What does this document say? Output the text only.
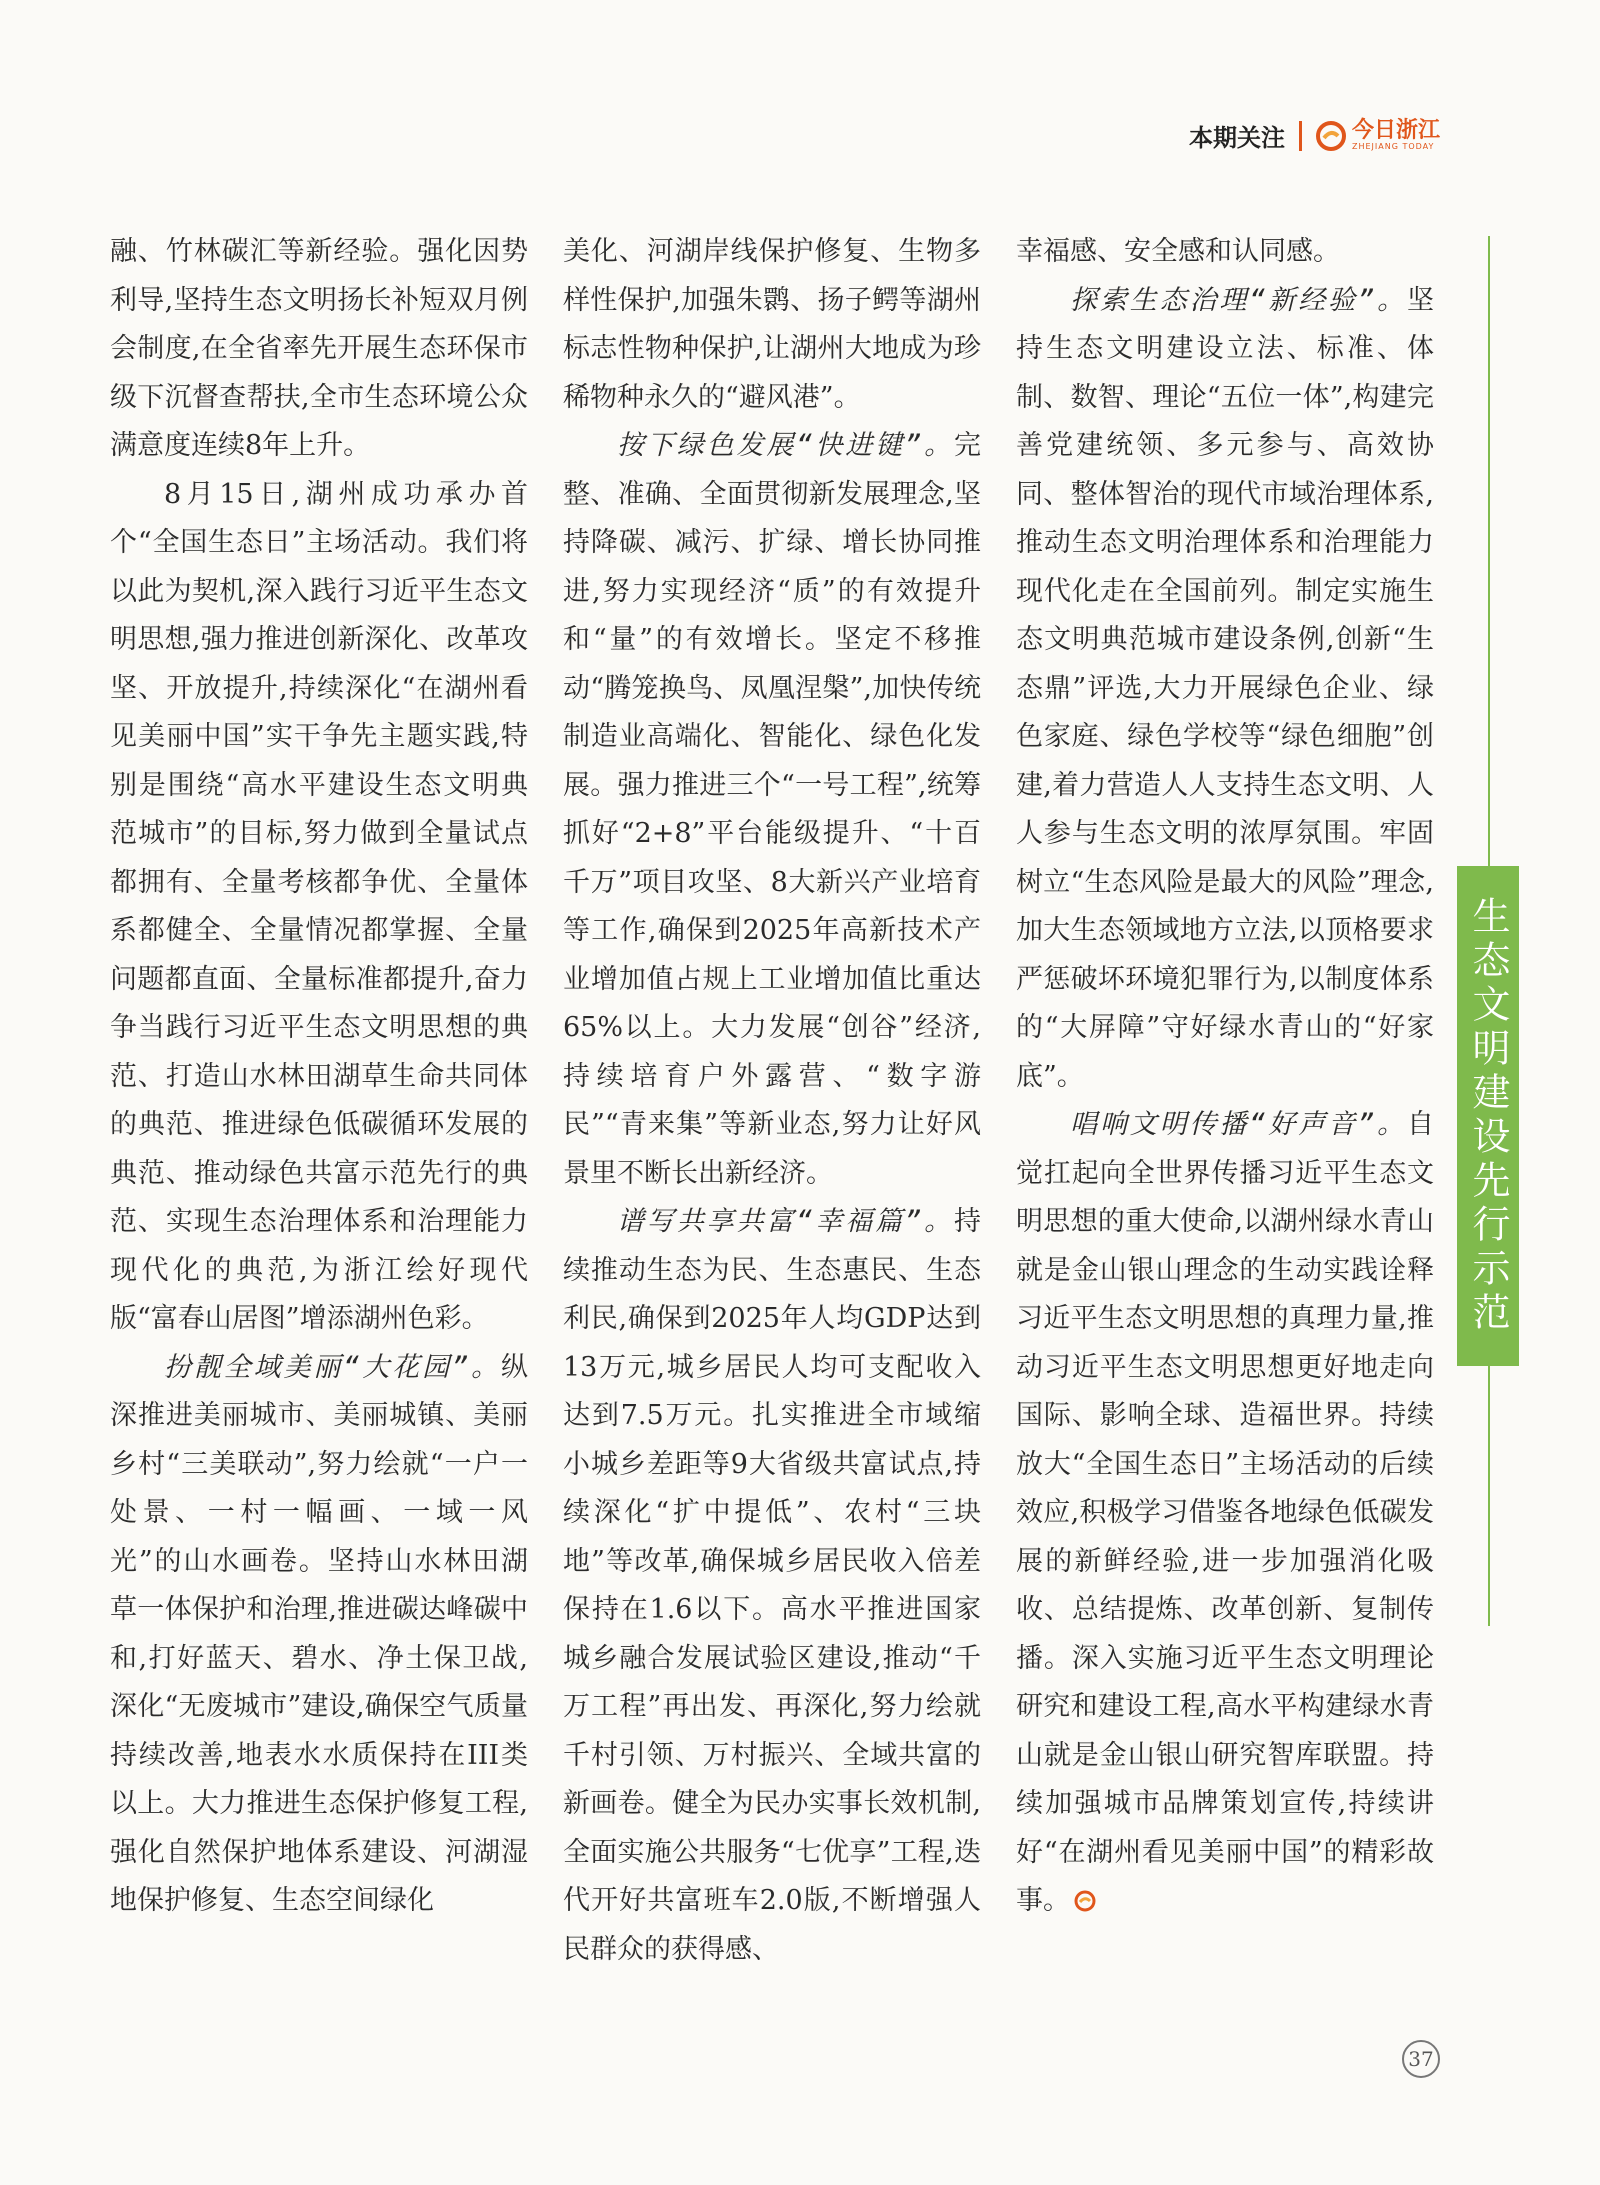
本期关注	今日浙江
ZHEJIANG TODAY

融、竹林碳汇等新经验。强化因势利导,坚持生态文明扬长补短双月例会制度,在全省率先开展生态环保市级下沉督查帮扶,全市生态环境公众满意度连续8年上升。

8月15日,湖州成功承办首个“全国生态日”主场活动。我们将以此为契机,深入践行习近平生态文明思想,强力推进创新深化、改革攻坚、开放提升,持续深化“在湖州看见美丽中国”实干争先主题实践,特别是围绕“高水平建设生态文明典范城市”的目标,努力做到全量试点都拥有、全量考核都争优、全量体系都健全、全量情况都掌握、全量问题都直面、全量标准都提升,奋力争当践行习近平生态文明思想的典范、打造山水林田湖草生命共同体的典范、推进绿色低碳循环发展的典范、推动绿色共富示范先行的典范、实现生态治理体系和治理能力现代化的典范,为浙江绘好现代版“富春山居图”增添湖州色彩。

扮靓全域美丽“大花园”。纵深推进美丽城市、美丽城镇、美丽乡村“三美联动”,努力绘就“一户一处景、一村一幅画、一域一风光”的山水画卷。坚持山水林田湖草一体保护和治理,推进碳达峰碳中和,打好蓝天、碧水、净土保卫战,深化“无废城市”建设,确保空气质量持续改善,地表水水质保持在III类以上。大力推进生态保护修复工程,强化自然保护地体系建设、河湖湿地保护修复、生态空间绿化

美化、河湖岸线保护修复、生物多样性保护,加强朱鹮、扬子鳄等湖州标志性物种保护,让湖州大地成为珍稀物种永久的“避风港”。

按下绿色发展“快进键”。完整、准确、全面贯彻新发展理念,坚持降碳、减污、扩绿、增长协同推进,努力实现经济“质”的有效提升和“量”的有效增长。坚定不移推动“腾笼换鸟、凤凰涅槃”,加快传统制造业高端化、智能化、绿色化发展。强力推进三个“一号工程”,统筹抓好“2+8”平台能级提升、“十百千万”项目攻坚、8大新兴产业培育等工作,确保到2025年高新技术产业增加值占规上工业增加值比重达65%以上。大力发展“创谷”经济,持续培育户外露营、“数字游民”“青来集”等新业态,努力让好风景里不断长出新经济。

谱写共享共富“幸福篇”。持续推动生态为民、生态惠民、生态利民,确保到2025年人均GDP达到13万元,城乡居民人均可支配收入达到7.5万元。扎实推进全市域缩小城乡差距等9大省级共富试点,持续深化“扩中提低”、农村“三块地”等改革,确保城乡居民收入倍差保持在1.6以下。高水平推进国家城乡融合发展试验区建设,推动“千万工程”再出发、再深化,努力绘就千村引领、万村振兴、全域共富的新画卷。健全为民办实事长效机制,全面实施公共服务“七优享”工程,迭代开好共富班车2.0版,不断增强人民群众的获得感、

幸福感、安全感和认同感。

探索生态治理“新经验”。坚持生态文明建设立法、标准、体制、数智、理论“五位一体”,构建完善党建统领、多元参与、高效协同、整体智治的现代市域治理体系,推动生态文明治理体系和治理能力现代化走在全国前列。制定实施生态文明典范城市建设条例,创新“生态鼎”评选,大力开展绿色企业、绿色家庭、绿色学校等“绿色细胞”创建,着力营造人人支持生态文明、人人参与生态文明的浓厚氛围。牢固树立“生态风险是最大的风险”理念,加大生态领域地方立法,以顶格要求严惩破坏环境犯罪行为,以制度体系的“大屏障”守好绿水青山的“好家底”。

唱响文明传播“好声音”。自觉扛起向全世界传播习近平生态文明思想的重大使命,以湖州绿水青山就是金山银山理念的生动实践诠释习近平生态文明思想的真理力量,推动习近平生态文明思想更好地走向国际、影响全球、造福世界。持续放大“全国生态日”主场活动的后续效应,积极学习借鉴各地绿色低碳发展的新鲜经验,进一步加强消化吸收、总结提炼、改革创新、复制传播。深入实施习近平生态文明理论研究和建设工程,高水平构建绿水青山就是金山银山研究智库联盟。持续加强城市品牌策划宣传,持续讲好“在湖州看见美丽中国”的精彩故事。

生态文明建设先行示范
37
